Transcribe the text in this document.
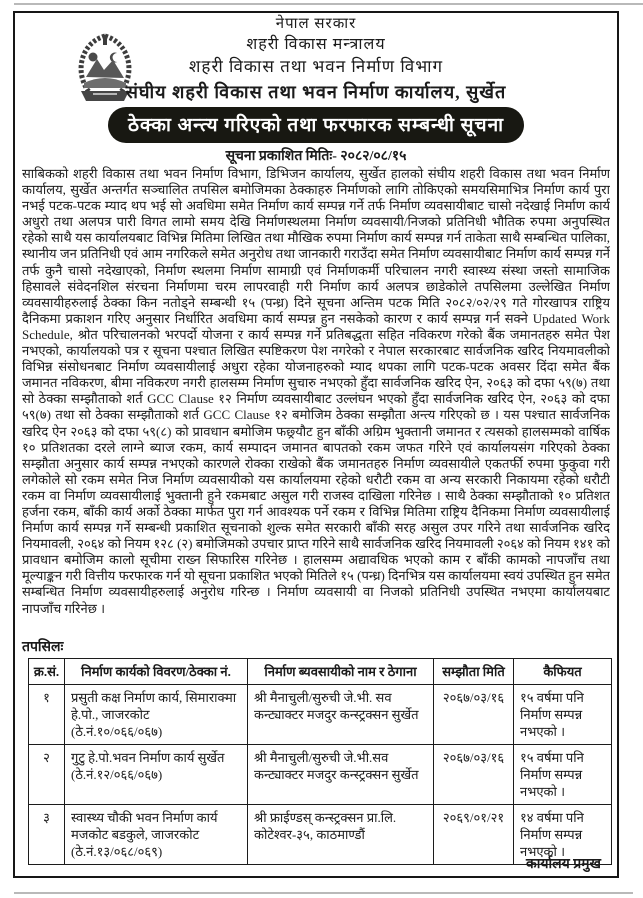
नेपाल सरकार
शहरी विकास मन्त्रालय
शहरी विकास तथा भवन निर्माण विभाग
संघीय शहरी विकास तथा भवन निर्माण कार्यालय, सुर्खेत
ठेक्का अन्त्य गरिएको तथा फरफारक सम्बन्धी सूचना
सूचना प्रकाशित मितिः- २०८२/०८/१५
साबिकको शहरी विकास तथा भवन निर्माण विभाग, डिभिजन कार्यालय, सुर्खेत हालको संघीय शहरी विकास तथा भवन निर्माण कार्यालय, सुर्खेत अन्तर्गत सञ्चालित तपसिल बमोजिमका ठेक्काहरु निर्माणको लागि तोकिएको समयसिमाभित्र निर्माण कार्य पुरा नभई पटक-पटक म्याद थप भई सो अवधिमा समेत निर्माण कार्य सम्पन्न गर्ने तर्फ निर्माण व्यवसायीबाट चासो नदेखाई निर्माण कार्य अधुरो तथा अलपत्र पारी विगत लामो समय देखि निर्माणस्थलमा निर्माण व्यवसायी/निजको प्रतिनिधी भौतिक रुपमा अनुपस्थित रहेको साथै यस कार्यालयबाट विभिन्न मितिमा लिखित तथा मौखिक रुपमा निर्माण कार्य सम्पन्न गर्न ताकेता साथै सम्बन्धित पालिका, स्थानीय जन प्रतिनिधी एवं आम नगरिकले समेत अनुरोध तथा जानकारी गराउँदा समेत निर्माण व्यवसायीबाट निर्माण कार्य सम्पन्न गर्ने तर्फ कुनै चासो नदेखाएको, निर्माण स्थलमा निर्माण सामाग्री एवं निर्माणकर्मी परिचालन नगरी स्वास्थ्य संस्था जस्तो सामाजिक हिसावले संवेदनशिल संरचना निर्माणमा चरम लापरवाही गरी निर्माण कार्य अलपत्र छाडेकोले तपसिलमा उल्लेखित निर्माण व्यवसायीहरुलाई ठेक्का किन नतोड्ने सम्बन्धी १५ (पन्ध्र) दिने सूचना अन्तिम पटक मिति २०८२/०२/२९ गते गोरखापत्र राष्ट्रिय दैनिकमा प्रकाशन गरिए अनुसार निर्धारित अवधिमा कार्य सम्पन्न हुन नसकेको कारण र कार्य सम्पन्न गर्न सक्ने Updated Work Schedule, श्रोत परिचालनको भरपर्दो योजना र कार्य सम्पन्न गर्ने प्रतिबद्धता सहित नविकरण गरेको बैंक जमानतहरु समेत पेश नभएको, कार्यालयको पत्र र सूचना पश्चात लिखित स्पष्टिकरण पेश नगरेको र नेपाल सरकारबाट सार्वजनिक खरिद नियमावलीको विभिन्न संसोधनबाट निर्माण व्यवसायीलाई अधुरा रहेका योजनाहरुको म्याद थपका लागि पटक-पटक अवसर दिंदा समेत बैंक जमानत नविकरण, बीमा नविकरण नगरी हालसम्म निर्माण सुचारु नभएको हुँदा सार्वजनिक खरिद ऐन, २०६३ को दफा ५९(७) तथा सो ठेक्का सम्झौताको शर्त GCC Clause १२ निर्माण व्यवसायीबाट उल्लंघन भएको हुँदा सार्वजनिक खरिद ऐन, २०६३ को दफा ५९(७) तथा सो ठेक्का सम्झौताको शर्त GCC Clause १२ बमोजिम ठेक्का सम्झौता अन्त्य गरिएको छ । यस पश्चात सार्वजनिक खरिद ऐन २०६३ को दफा ५९(८) को प्रावधान बमोजिम फछ्र्यौट हुन बाँकी अग्रिम भुक्तानी जमानत र त्यसको हालसम्मको वार्षिक १० प्रतिशतका दरले लाग्ने ब्याज रकम, कार्य सम्पादन जमानत बापतको रकम जफत गरिने एवं कार्यालयसंग गरिएको ठेक्का सम्झौता अनुसार कार्य सम्पन्न नभएको कारणले रोक्का राखेको बैंक जमानतहरु निर्माण व्यवसायीले एकतर्फी रुपमा फुकुवा गरी लगेकोले सो रकम समेत निज निर्माण व्यवसायीको यस कार्यालयमा रहेको धरौटी रकम वा अन्य सरकारी निकायमा रहेको धरौटी रकम वा निर्माण व्यवसायीलाई भुक्तानी हुने रकमबाट असुल गरी राजस्व दाखिला गरिनेछ । साथै ठेक्का सम्झौताको १० प्रतिशत हर्जना रकम, बाँकी कार्य अर्को ठेक्का मार्फत पुरा गर्न आवश्यक पर्ने रकम र विभिन्न मितिमा राष्ट्रिय दैनिकमा निर्माण व्यवसायीलाई निर्माण कार्य सम्पन्न गर्ने सम्बन्धी प्रकाशित सूचनाको शुल्क समेत सरकारी बाँकी सरह असुल उपर गरिने तथा सार्वजनिक खरिद नियमावली, २०६४ को नियम १२८ (२) बमोजिमको उपचार प्राप्त गरिने साथै सार्वजनिक खरिद नियमावली २०६४ को नियम १४१ को प्रावधान बमोजिम कालो सूचीमा राख्न सिफारिस गरिनेछ । हालसम्म अद्यावधिक भएको काम र बाँकी कामको नापजाँच तथा मूल्याङ्कन गरी वित्तीय फरफारक गर्न यो सूचना प्रकाशित भएको मितिले १५ (पन्ध्र) दिनभित्र यस कार्यालयमा स्वयं उपस्थित हुन समेत सम्बन्धित निर्माण व्यवसायीहरुलाई अनुरोध गरिन्छ । निर्माण व्यवसायी वा निजको प्रतिनिधी उपस्थित नभएमा कार्यालयबाट नापजाँच गरिनेछ ।
तपसिलः
क्र.सं.	निर्माण कार्यको विवरण/ठेक्का नं.	निर्माण ब्यवसायीको नाम र ठेगाना	सम्झौता मिति	कैफियत
१	प्रसुती कक्ष निर्माण कार्य, सिमाराक्मा हे.पो., जाजरकोट (ठे.नं.१०/०६६/०६७)	श्री मैनाचुली/सुरुची जे.भी. सव कन्ट्याक्टर मजदुर कन्स्ट्रक्सन सुर्खेत	२०६७/०३/१६	१५ वर्षमा पनि निर्माण सम्पन्न नभएको ।
२	गुटु हे.पो.भवन निर्माण कार्य सुर्खेत (ठे.नं.१२/०६६/०६७)	श्री मैनाचुली/सुरुची जे.भी.सव कन्ट्याक्टर मजदुर कन्स्ट्रक्सन सुर्खेत	२०६७/०३/१६	१५ वर्षमा पनि निर्माण सम्पन्न नभएको ।
३	स्वास्थ्य चौकी भवन निर्माण कार्य मजकोट बडकुले, जाजरकोट (ठे.नं.१३/०६८/०६९)	श्री फ्राईण्डस् कन्स्ट्रक्सन प्रा.लि. कोटेश्वर-३५, काठमाण्डौं	२०६९/०१/२१	१४ वर्षमा पनि निर्माण सम्पन्न नभएको ।
कार्यालय प्रमुख
